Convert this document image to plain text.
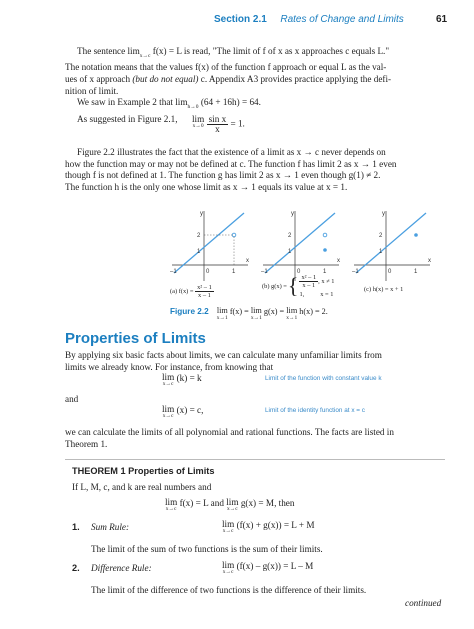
Section 2.1 Rates of Change and Limits	61

The sentence $\lim_{x\to c} f(x) = L$ is read, "The limit of f of x as x approaches c equals L."

The notation means that the values f(x) of the function f approach or equal L as the val-

ues of x approach (but do not equal) c. Appendix A3 provides practice applying the defi-

nition of limit.

We saw in Example 2 that $\lim_{h\to 0} (64 + 16h) = 64$.

As suggested in Figure 2.1,	lim
x→0
$\frac{\text{sin x}}{x} = 1$.

Figure 2.2 illustrates the fact that the existence of a limit as x → c never depends on

how the function may or may not be defined at c. The function f has limit 2 as x → 1 even

though f is not defined at 1. The function g has limit 2 as x → 1 even though g(1) ≠ 2.

The function h is the only one whose limit as x → 1 equals its value at x = 1.

x
y
2
1
–1	0	1
(a) $f(x) = \frac{\text{x² – 1}}{x - 1}$
x
y
2
1
–1	0	1
(b) g(x) = { $\frac{\text{x² – 1}}{x - 1}$ , x ≠ 1
1,	x = 1
x
y
2
1
–1	0	1
(c) h(x) = x + 1
Figure 2.2 lim
x→1
f(x) = lim
x→1
g(x) = lim
x→1
h(x) = 2.
Properties of Limits

By applying six basic facts about limits, we can calculate many unfamiliar limits from

limits we already know. For instance, from knowing that

lim
x→c
(k) = k	Limit of the function with constant value k
and
lim
x→c
(x) = c,	Limit of the identity function at x = c

we can calculate the limits of all polynomial and rational functions. The facts are listed in

Theorem 1.

THEOREM 1 Properties of Limits
If L, M, c, and k are real numbers and
lim
x→c
f(x) = L and lim
x→c
g(x) = M, then
1. Sum Rule:	lim
x→c
(f(x) + g(x)) = L + M
The limit of the sum of two functions is the sum of their limits.
2. Difference Rule:	lim
x→c
(f(x) – g(x)) = L – M
The limit of the difference of two functions is the difference of their limits.
continued
